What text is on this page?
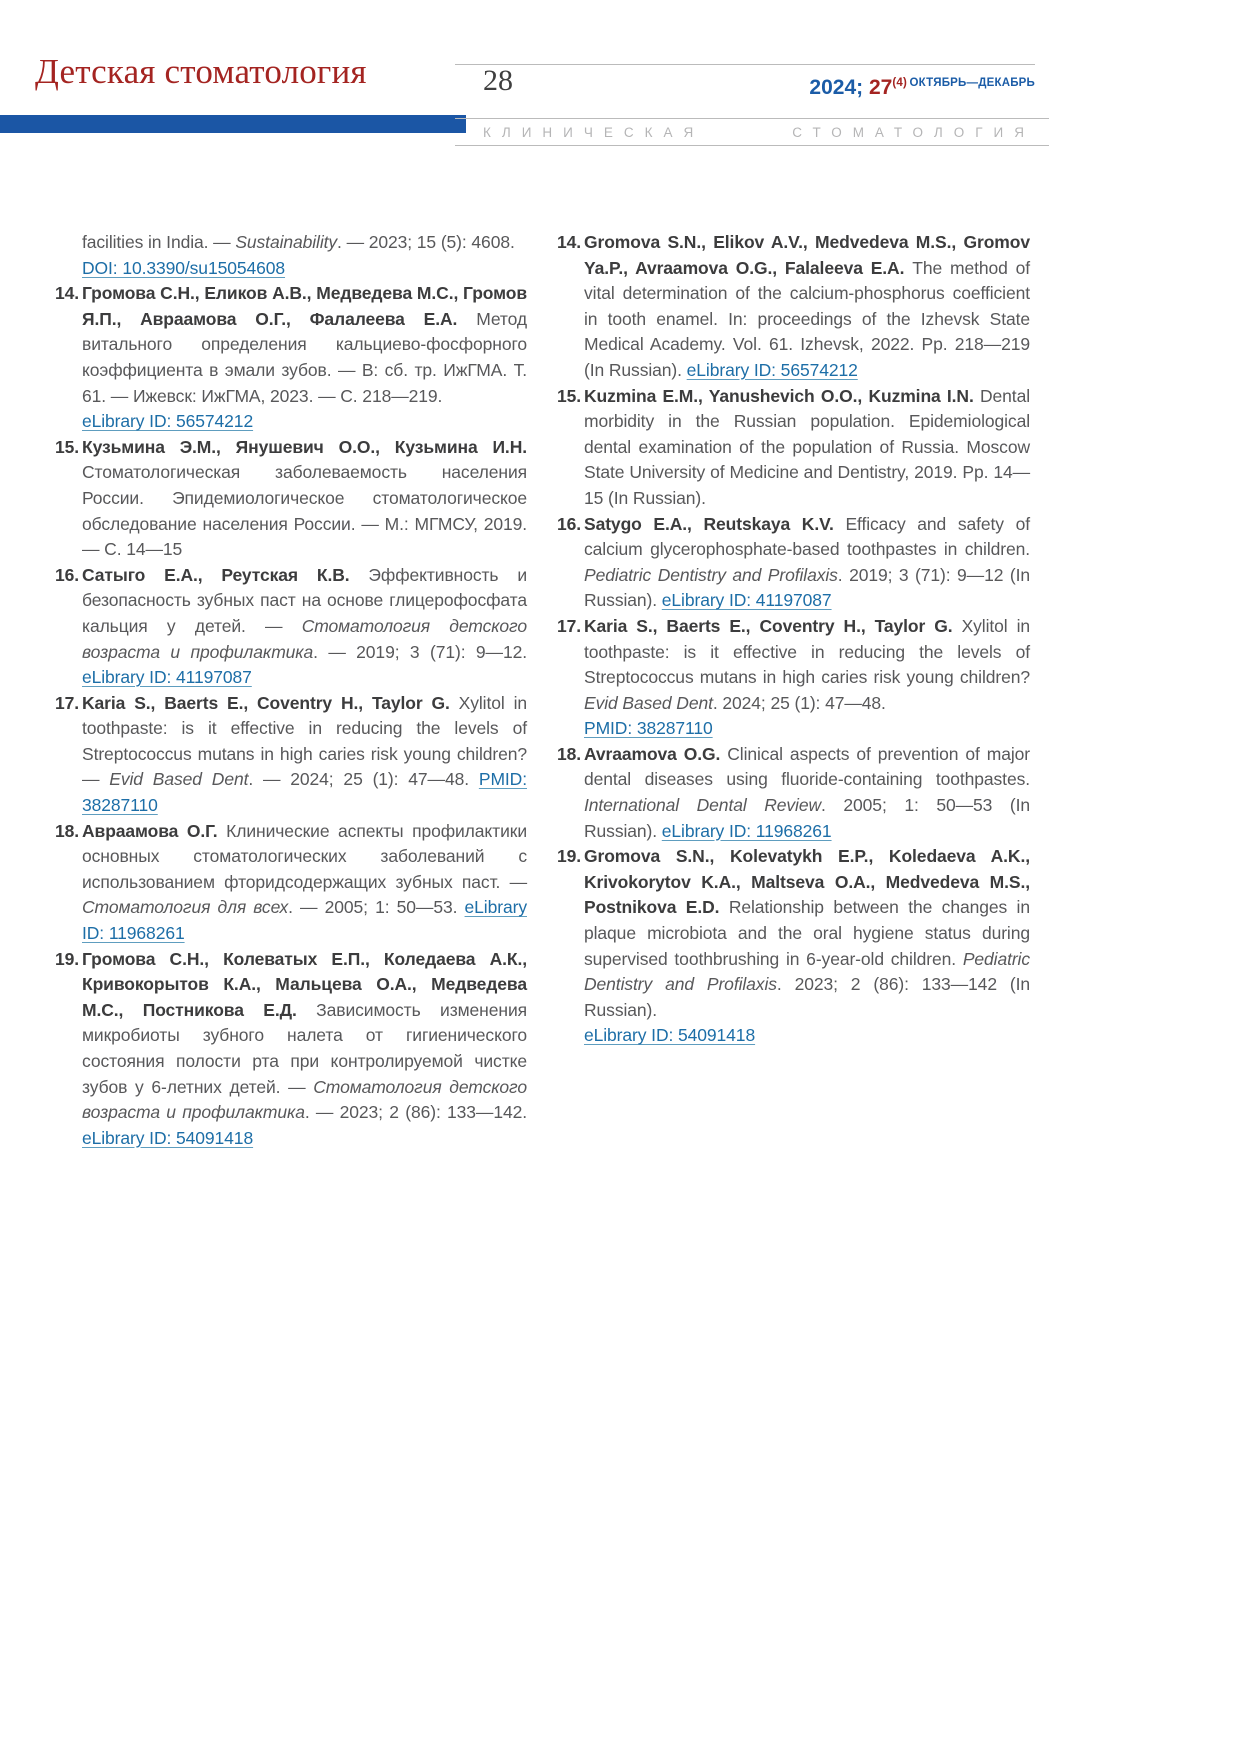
Детская стоматология	28	2024; $27^{(4) ОКТЯБРЬ—ДЕКАБРЬ}$
КЛИНИЧЕСКАЯ	СТОМАТОЛОГИЯ
facilities in India. — Sustainability. — 2023; 15 (5): 4608.
DOI: 10.3390/su15054608
14. Громова С.Н., Еликов А.В., Медведева М.С., Громов Я.П., Авраамова О.Г., Фалалеева Е.А. Метод витального определения кальциево-фосфорного коэффициента в эмали зубов. — В: сб. тр. ИжГМА. Т. 61. — Ижевск: ИжГМА, 2023. — С. 218—219.
eLibrary ID: 56574212
15. Кузьмина Э.М., Янушевич О.О., Кузьмина И.Н. Стоматологическая заболеваемость населения России. Эпидемиологическое стоматологическое обследование населения России. — М.: МГМСУ, 2019. — С. 14—15
16. Сатыго Е.А., Реутская К.В. Эффективность и безопасность зубных паст на основе глицерофосфата кальция у детей. — Стоматология детского возраста и профилактика. — 2019; 3 (71): 9—12. eLibrary ID: 41197087
17. Karia S., Baerts E., Coventry H., Taylor G. Xylitol in toothpaste: is it effective in reducing the levels of Streptococcus mutans in high caries risk young children? — Evid Based Dent. — 2024; 25 (1): 47—48. PMID: 38287110
18. Авраамова О.Г. Клинические аспекты профилактики основных стоматологических заболеваний с использованием фторидсодержащих зубных паст. — Стоматология для всех. — 2005; 1: 50—53. eLibrary ID: 11968261
19. Громова С.Н., Колеватых Е.П., Коледаева А.К., Кривокорытов К.А., Мальцева О.А., Медведева М.С., Постникова Е.Д. Зависимость изменения микробиоты зубного налета от гигиенического состояния полости рта при контролируемой чистке зубов у 6-летних детей. — Стоматология детского возраста и профилактика. — 2023; 2 (86): 133—142. eLibrary ID: 54091418
14. Gromova S.N., Elikov A.V., Medvedeva M.S., Gromov Ya.P., Avraamova O.G., Falaleeva E.A. The method of vital determination of the calcium-phosphorus coefficient in tooth enamel. In: proceedings of the Izhevsk State Medical Academy. Vol. 61. Izhevsk, 2022. Pp. 218—219 (In Russian). eLibrary ID: 56574212
15. Kuzmina E.M., Yanushevich O.O., Kuzmina I.N. Dental morbidity in the Russian population. Epidemiological dental examination of the population of Russia. Moscow State University of Medicine and Dentistry, 2019. Pp. 14—15 (In Russian).
16. Satygo E.A., Reutskaya K.V. Efficacy and safety of calcium glycerophosphate-based toothpastes in children. Pediatric Dentistry and Profilaxis. 2019; 3 (71): 9—12 (In Russian). eLibrary ID: 41197087
17. Karia S., Baerts E., Coventry H., Taylor G. Xylitol in toothpaste: is it effective in reducing the levels of Streptococcus mutans in high caries risk young children? Evid Based Dent. 2024; 25 (1): 47—48.
PMID: 38287110
18. Avraamova O.G. Clinical aspects of prevention of major dental diseases using fluoride-containing toothpastes. International Dental Review. 2005; 1: 50—53 (In Russian). eLibrary ID: 11968261
19. Gromova S.N., Kolevatykh E.P., Koledaeva A.K., Krivokorytov K.A., Maltseva O.A., Medvedeva M.S., Postnikova E.D. Relationship between the changes in plaque microbiota and the oral hygiene status during supervised toothbrushing in 6-year-old children. Pediatric Dentistry and Profilaxis. 2023; 2 (86): 133—142 (In Russian).
eLibrary ID: 54091418
